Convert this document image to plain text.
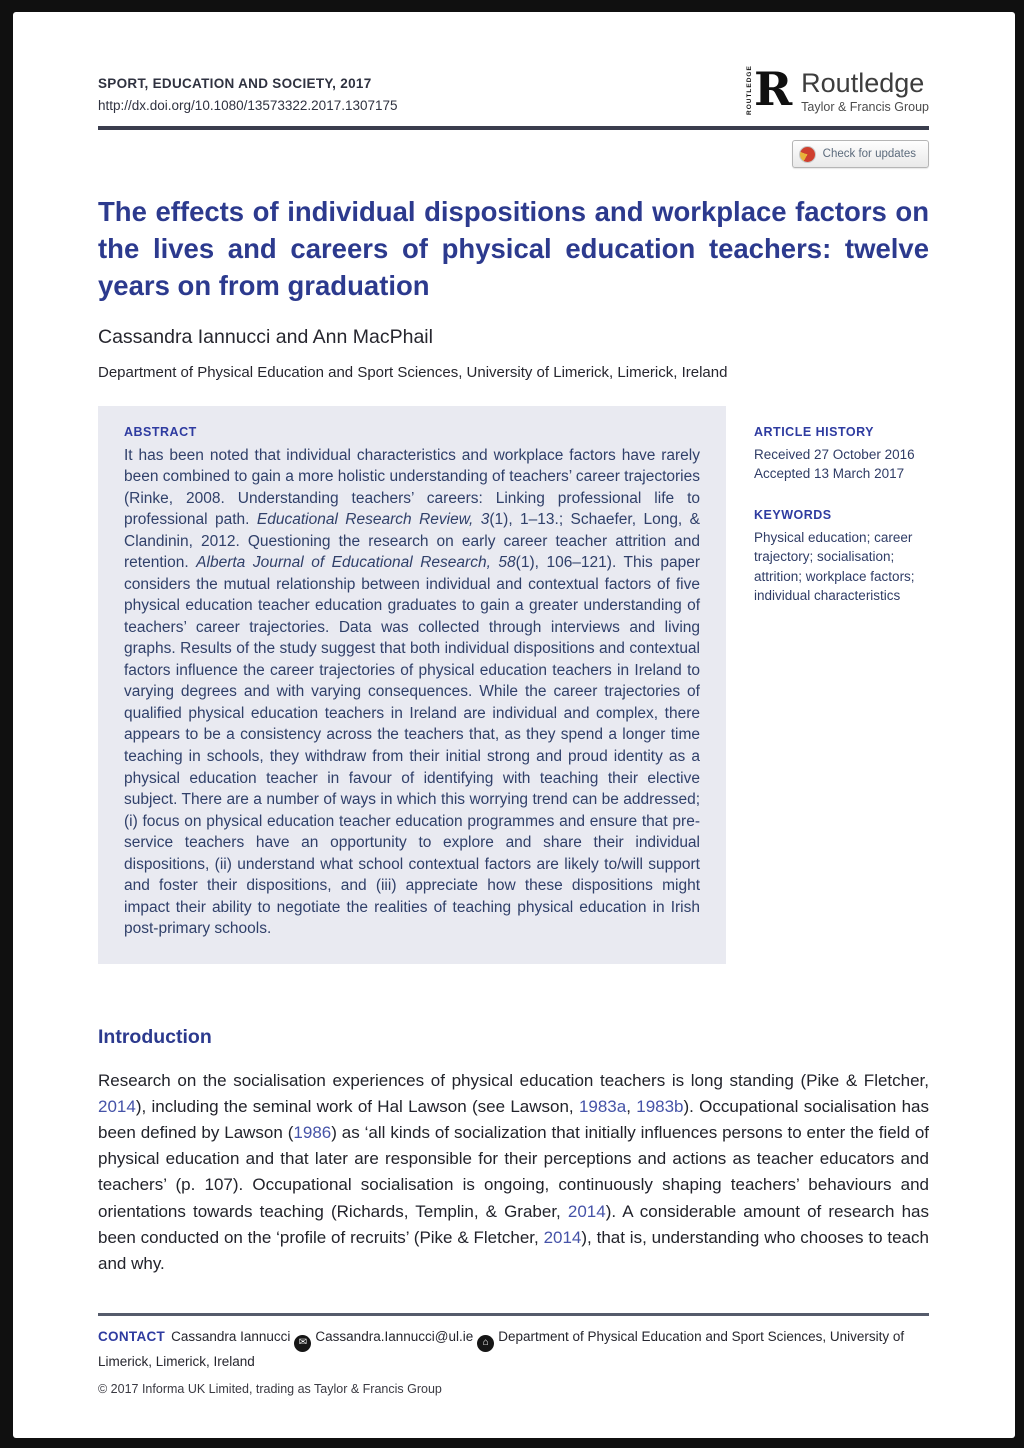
SPORT, EDUCATION AND SOCIETY, 2017
http://dx.doi.org/10.1080/13573322.2017.1307175	ROUTLEDGE R Routledge
Taylor & Francis Group
Check for updates
The effects of individual dispositions and workplace factors on the lives and careers of physical education teachers: twelve years on from graduation
Cassandra Iannucci and Ann MacPhail
Department of Physical Education and Sport Sciences, University of Limerick, Limerick, Ireland
ABSTRACT
It has been noted that individual characteristics and workplace factors have rarely been combined to gain a more holistic understanding of teachers’ career trajectories (Rinke, 2008. Understanding teachers’ careers: Linking professional life to professional path. Educational Research Review, 3(1), 1–13.; Schaefer, Long, & Clandinin, 2012. Questioning the research on early career teacher attrition and retention. Alberta Journal of Educational Research, 58(1), 106–121). This paper considers the mutual relationship between individual and contextual factors of five physical education teacher education graduates to gain a greater understanding of teachers’ career trajectories. Data was collected through interviews and living graphs. Results of the study suggest that both individual dispositions and contextual factors influence the career trajectories of physical education teachers in Ireland to varying degrees and with varying consequences. While the career trajectories of qualified physical education teachers in Ireland are individual and complex, there appears to be a consistency across the teachers that, as they spend a longer time teaching in schools, they withdraw from their initial strong and proud identity as a physical education teacher in favour of identifying with teaching their elective subject. There are a number of ways in which this worrying trend can be addressed; (i) focus on physical education teacher education programmes and ensure that pre-service teachers have an opportunity to explore and share their individual dispositions, (ii) understand what school contextual factors are likely to/will support and foster their dispositions, and (iii) appreciate how these dispositions might impact their ability to negotiate the realities of teaching physical education in Irish post-primary schools.
ARTICLE HISTORY
Received 27 October 2016
Accepted 13 March 2017
KEYWORDS
Physical education; career trajectory; socialisation; attrition; workplace factors; individual characteristics
Introduction
Research on the socialisation experiences of physical education teachers is long standing (Pike & Fletcher, 2014), including the seminal work of Hal Lawson (see Lawson, 1983a, 1983b). Occupational socialisation has been defined by Lawson (1986) as ‘all kinds of socialization that initially influences persons to enter the field of physical education and that later are responsible for their perceptions and actions as teacher educators and teachers’ (p. 107). Occupational socialisation is ongoing, continuously shaping teachers’ behaviours and orientations towards teaching (Richards, Templin, & Graber, 2014). A considerable amount of research has been conducted on the ‘profile of recruits’ (Pike & Fletcher, 2014), that is, understanding who chooses to teach and why.
CONTACT Cassandra Iannucci ✉ Cassandra.Iannucci@ul.ie ⌂ Department of Physical Education and Sport Sciences, University of Limerick, Limerick, Ireland
© 2017 Informa UK Limited, trading as Taylor & Francis Group
